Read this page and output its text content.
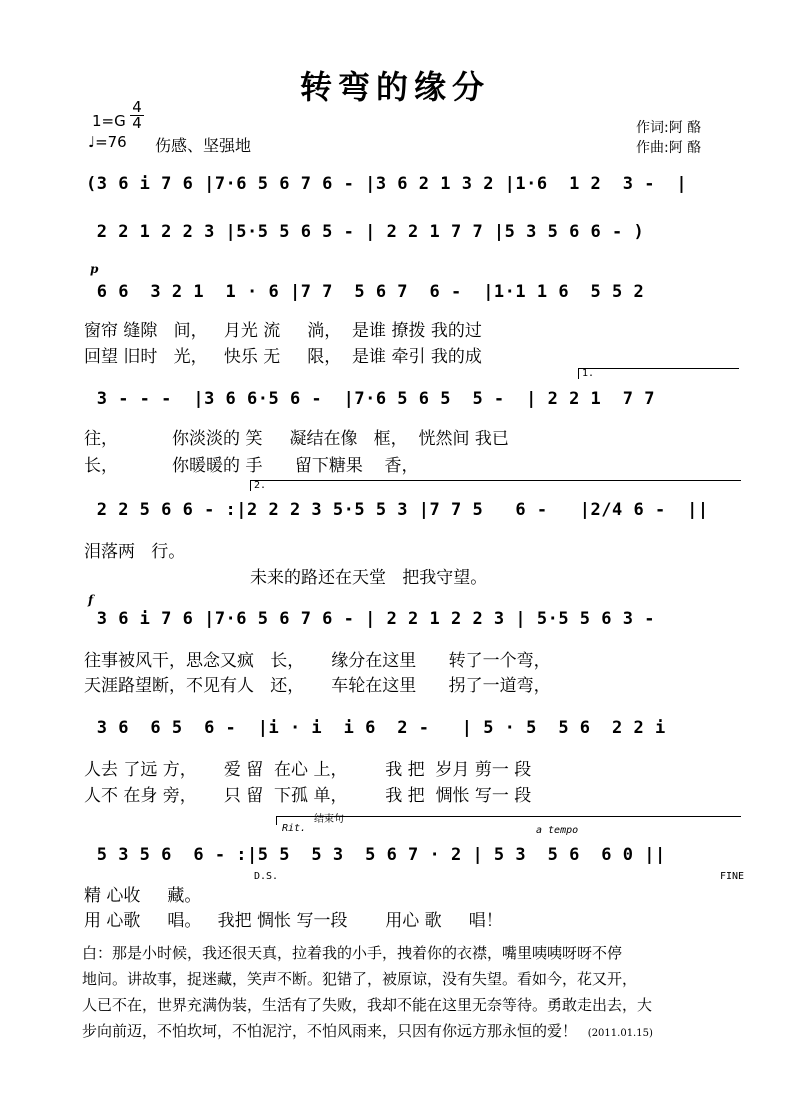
转弯的缘分
1=G
4
4
♩=76 伤感、坚强地
作词:阿 酪
作曲:阿 酪
(3 6 i 7 6 |7·6 5 6 7 6 - |3 6 2 1 3 2 |1·6  1 2  3 -  |
2 2 1 2 2 3 |5·5 5 6 5 - | 2 2 1 7 7 |5 3 5 6 6 - )
p
6 6  3 2 1  1 · 6 |7 7  5 6 7  6 -  |1·1 1 6  5 5 2
窗帘 缝隙   间，   月光 流     淌，  是谁 撩拨 我的过
回望 旧时   光，   快乐 无     限，  是谁 牵引 我的成
1.
3 - - -  |3 6 6·5 6 -  |7·6 5 6 5  5 -  | 2 2 1  7 7
往，          你淡淡的 笑     凝结在像   框，  恍然间 我已
长，          你暖暖的 手      留下糖果    香，
2.
2 2 5 6 6 - :|2 2 2 3 5·5 5 3 |7 7 5   6 -   |2/4 6 -  ||
泪落两   行。
未来的路还在天堂   把我守望。
f
3 6 i 7 6 |7·6 5 6 7 6 - | 2 2 1 2 2 3 | 5·5 5 6 3 -
往事被风干，思念又疯   长，     缘分在这里      转了一个弯，
天涯路望断，不见有人   还，     车轮在这里      拐了一道弯，
3 6  6 5  6 -  |i · i  i 6  2 -   | 5 · 5  5 6  2 2 i
人去 了远 方，     爱 留  在心 上，       我 把  岁月 剪一 段
人不 在身 旁，     只 留  下孤 单，       我 把  惆怅 写一 段
结束句
Rit.	a tempo
5 3 5 6  6 - :|5 5  5 3  5 6 7 · 2 | 5 3  5 6  6 0 ||
D.S.	FINE
精 心收     藏。
用 心歌     唱。   我把 惆怅 写一段       用心 歌     唱！
白：那是小时候，我还很天真，拉着我的小手，拽着你的衣襟，嘴里咦咦呀呀不停
地问。讲故事，捉迷藏，笑声不断。犯错了，被原谅，没有失望。看如今，花又开，
人已不在，世界充满伪装，生活有了失败，我却不能在这里无奈等待。勇敢走出去，大
步向前迈，不怕坎坷，不怕泥泞，不怕风雨来，只因有你远方那永恒的爱！ (2011.01.15)
